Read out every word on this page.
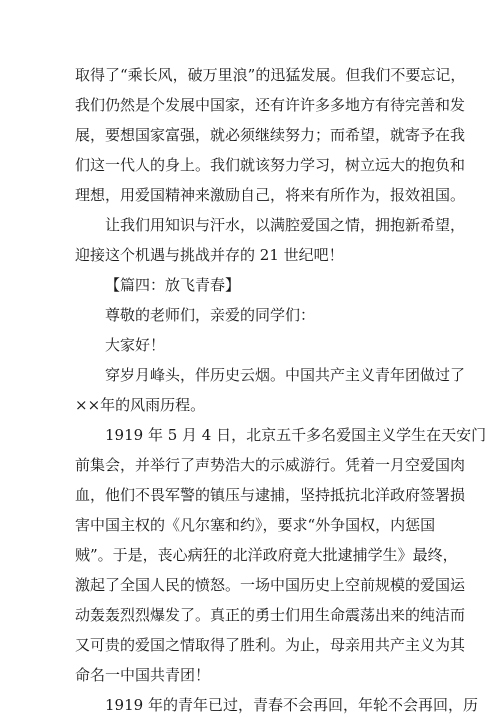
取得了“乘长风，破万里浪”的迅猛发展。但我们不要忘记，
我们仍然是个发展中国家，还有许许多多地方有待完善和发
展，要想国家富强，就必须继续努力；而希望，就寄予在我
们这一代人的身上。我们就该努力学习，树立远大的抱负和
理想，用爱国精神来激励自己，将来有所作为，报效祖国。
让我们用知识与汗水，以满腔爱国之情，拥抱新希望，
迎接这个机遇与挑战并存的 21 世纪吧！
【篇四：放飞青春】
尊敬的老师们，亲爱的同学们：
大家好！
穿岁月峰头，伴历史云烟。中国共产主义青年团做过了
××年的风雨历程。
1919 年 5 月 4 日，北京五千多名爱国主义学生在天安门
前集会，并举行了声势浩大的示威游行。凭着一月空爱国肉
血，他们不畏军警的镇压与逮捕，坚持抵抗北洋政府签署损
害中国主权的《凡尔塞和约》，要求“外争国权，内惩国
贼”。于是，丧心病狂的北洋政府竟大批逮捕学生》最终，
激起了全国人民的愤怒。一场中国历史上空前规模的爱国运
动轰轰烈烈爆发了。真正的勇士们用生命震荡出来的纯洁而
又可贵的爱国之情取得了胜利。为止，母亲用共产主义为其
命名一中国共青团！
1919 年的青年已过，青春不会再回，年轮不会再回，历
